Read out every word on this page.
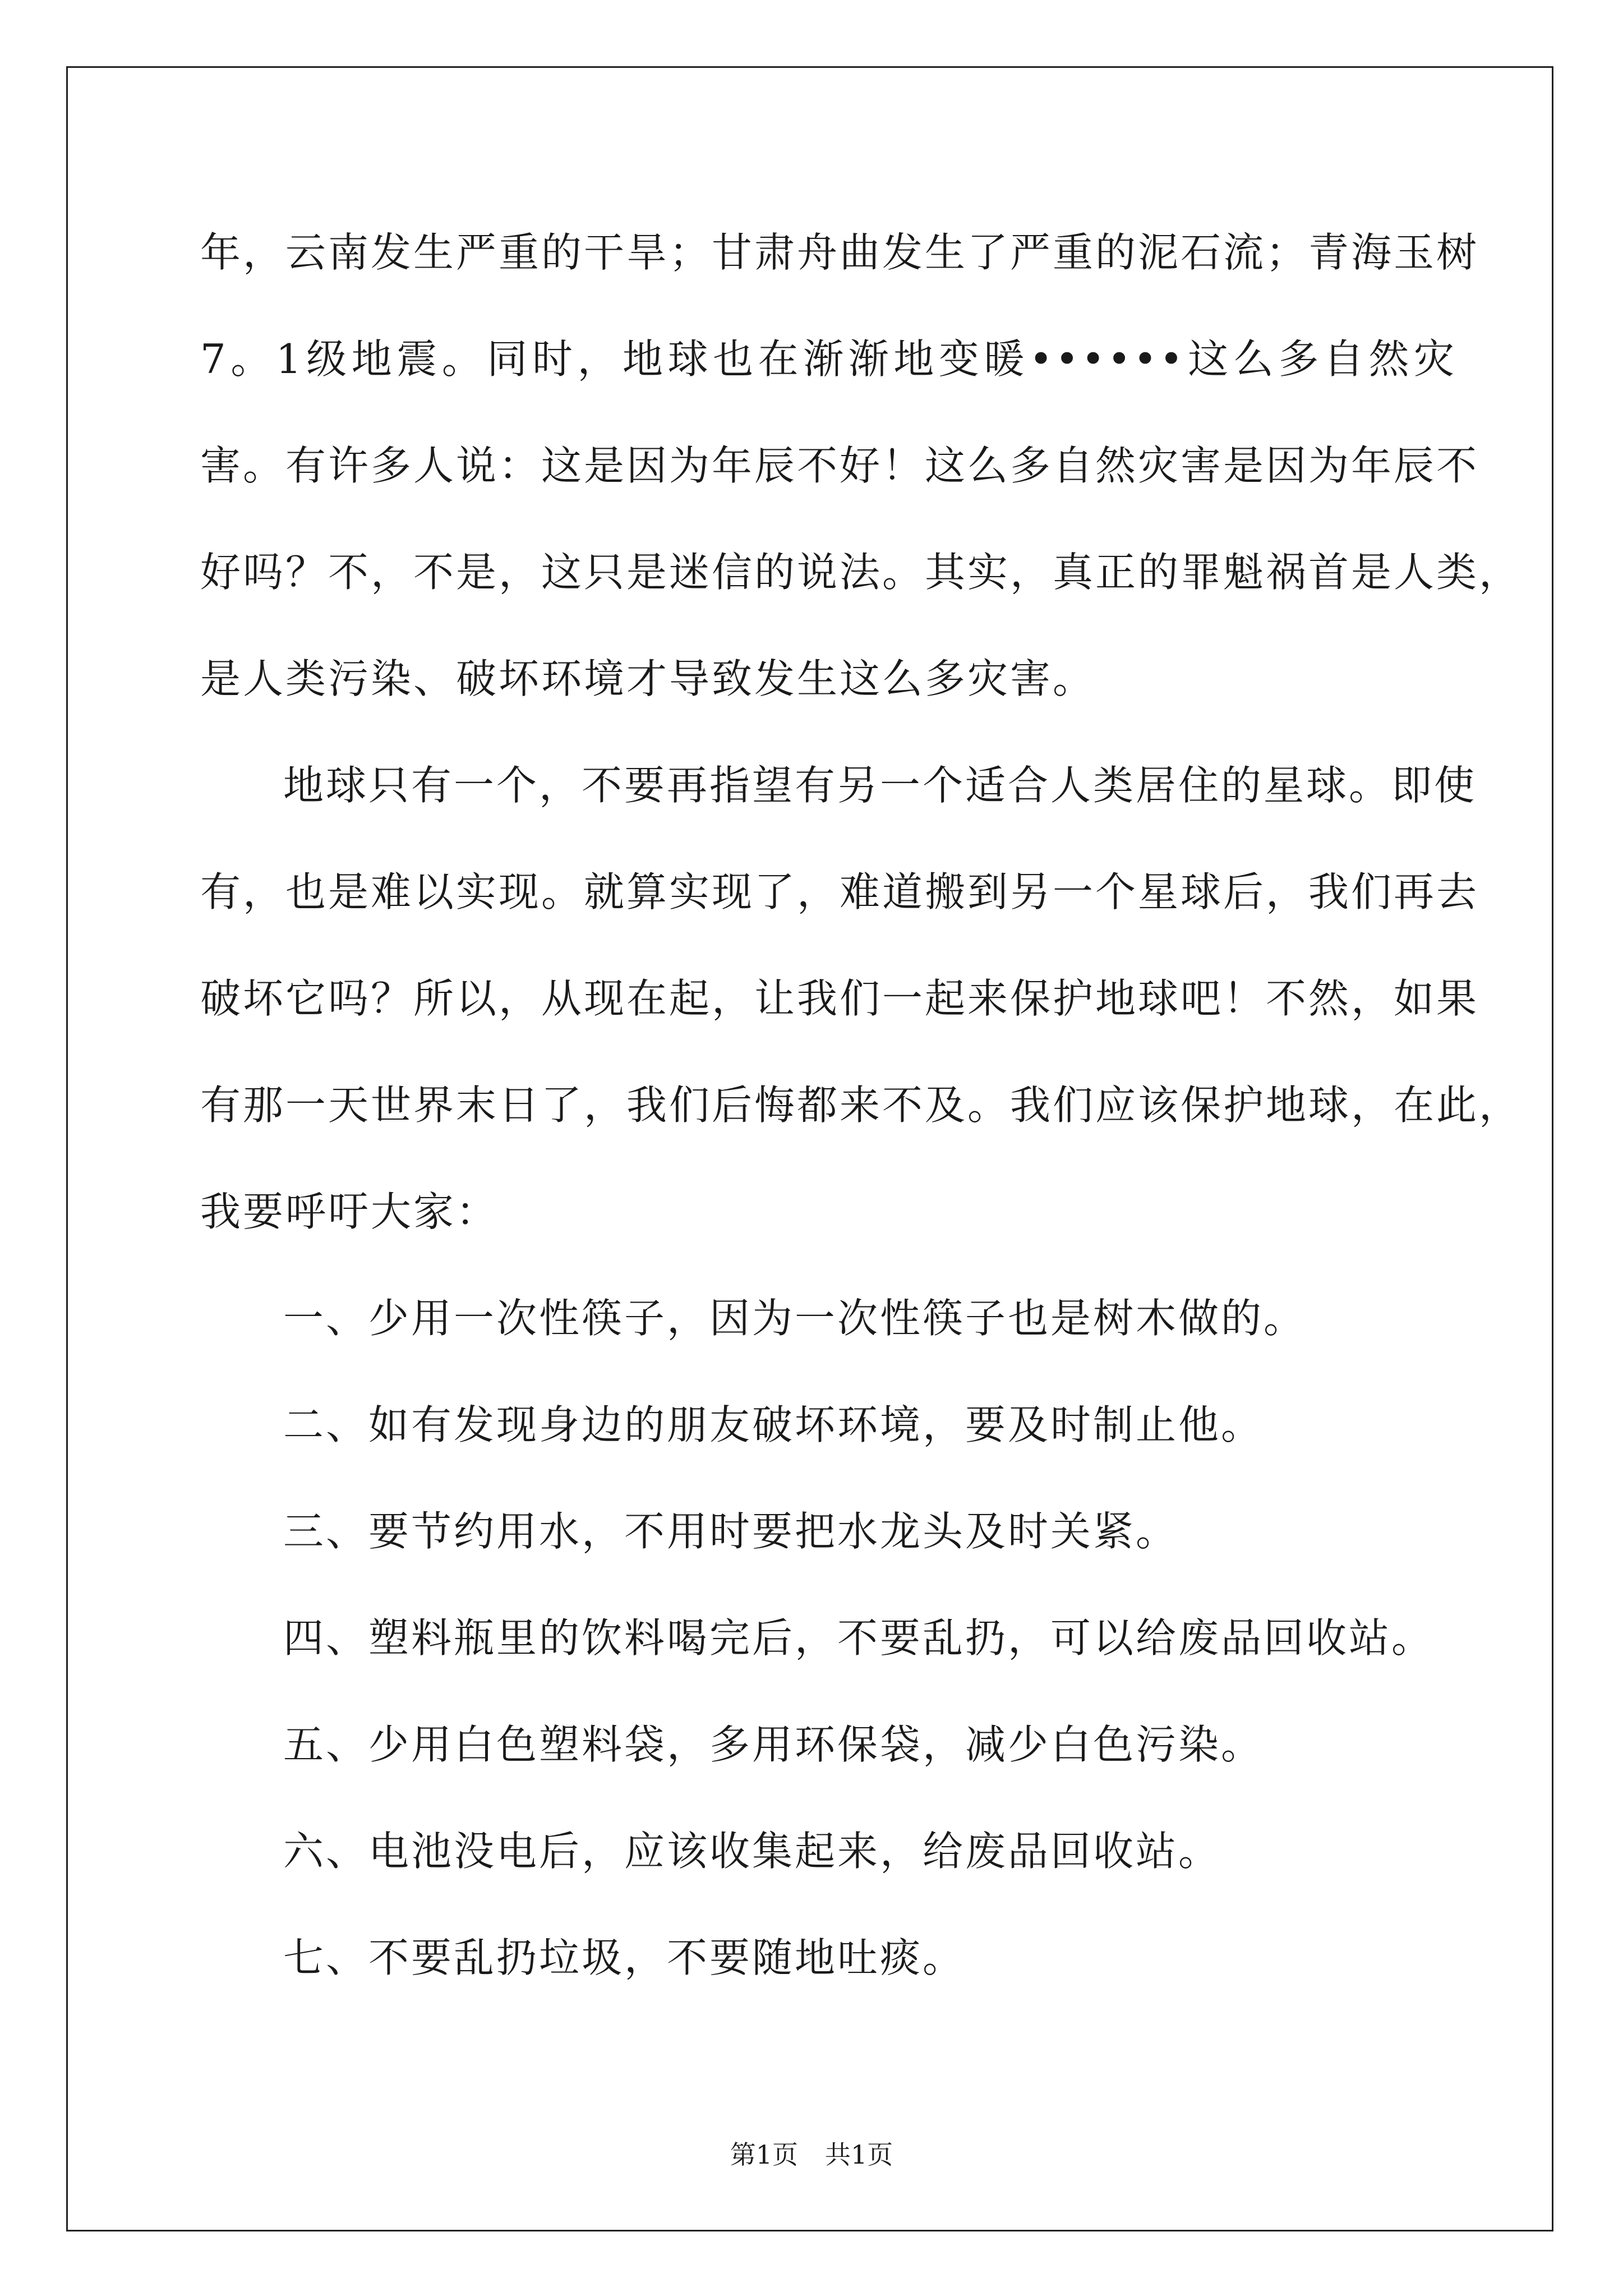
年，云南发生严重的干旱；甘肃舟曲发生了严重的泥石流；青海玉树

7。1级地震。同时，地球也在渐渐地变暖••••••这么多自然灾

害。有许多人说：这是因为年辰不好！这么多自然灾害是因为年辰不

好吗？不，不是，这只是迷信的说法。其实，真正的罪魁祸首是人类，

是人类污染、破坏环境才导致发生这么多灾害。

地球只有一个，不要再指望有另一个适合人类居住的星球。即使

有，也是难以实现。就算实现了，难道搬到另一个星球后，我们再去

破坏它吗？所以，从现在起，让我们一起来保护地球吧！不然，如果

有那一天世界末日了，我们后悔都来不及。我们应该保护地球，在此，

我要呼吁大家：

一、少用一次性筷子，因为一次性筷子也是树木做的。

二、如有发现身边的朋友破坏环境，要及时制止他。

三、要节约用水，不用时要把水龙头及时关紧。

四、塑料瓶里的饮料喝完后，不要乱扔，可以给废品回收站。

五、少用白色塑料袋，多用环保袋，减少白色污染。

六、电池没电后，应该收集起来，给废品回收站。

七、不要乱扔垃圾，不要随地吐痰。

第1页 共1页
